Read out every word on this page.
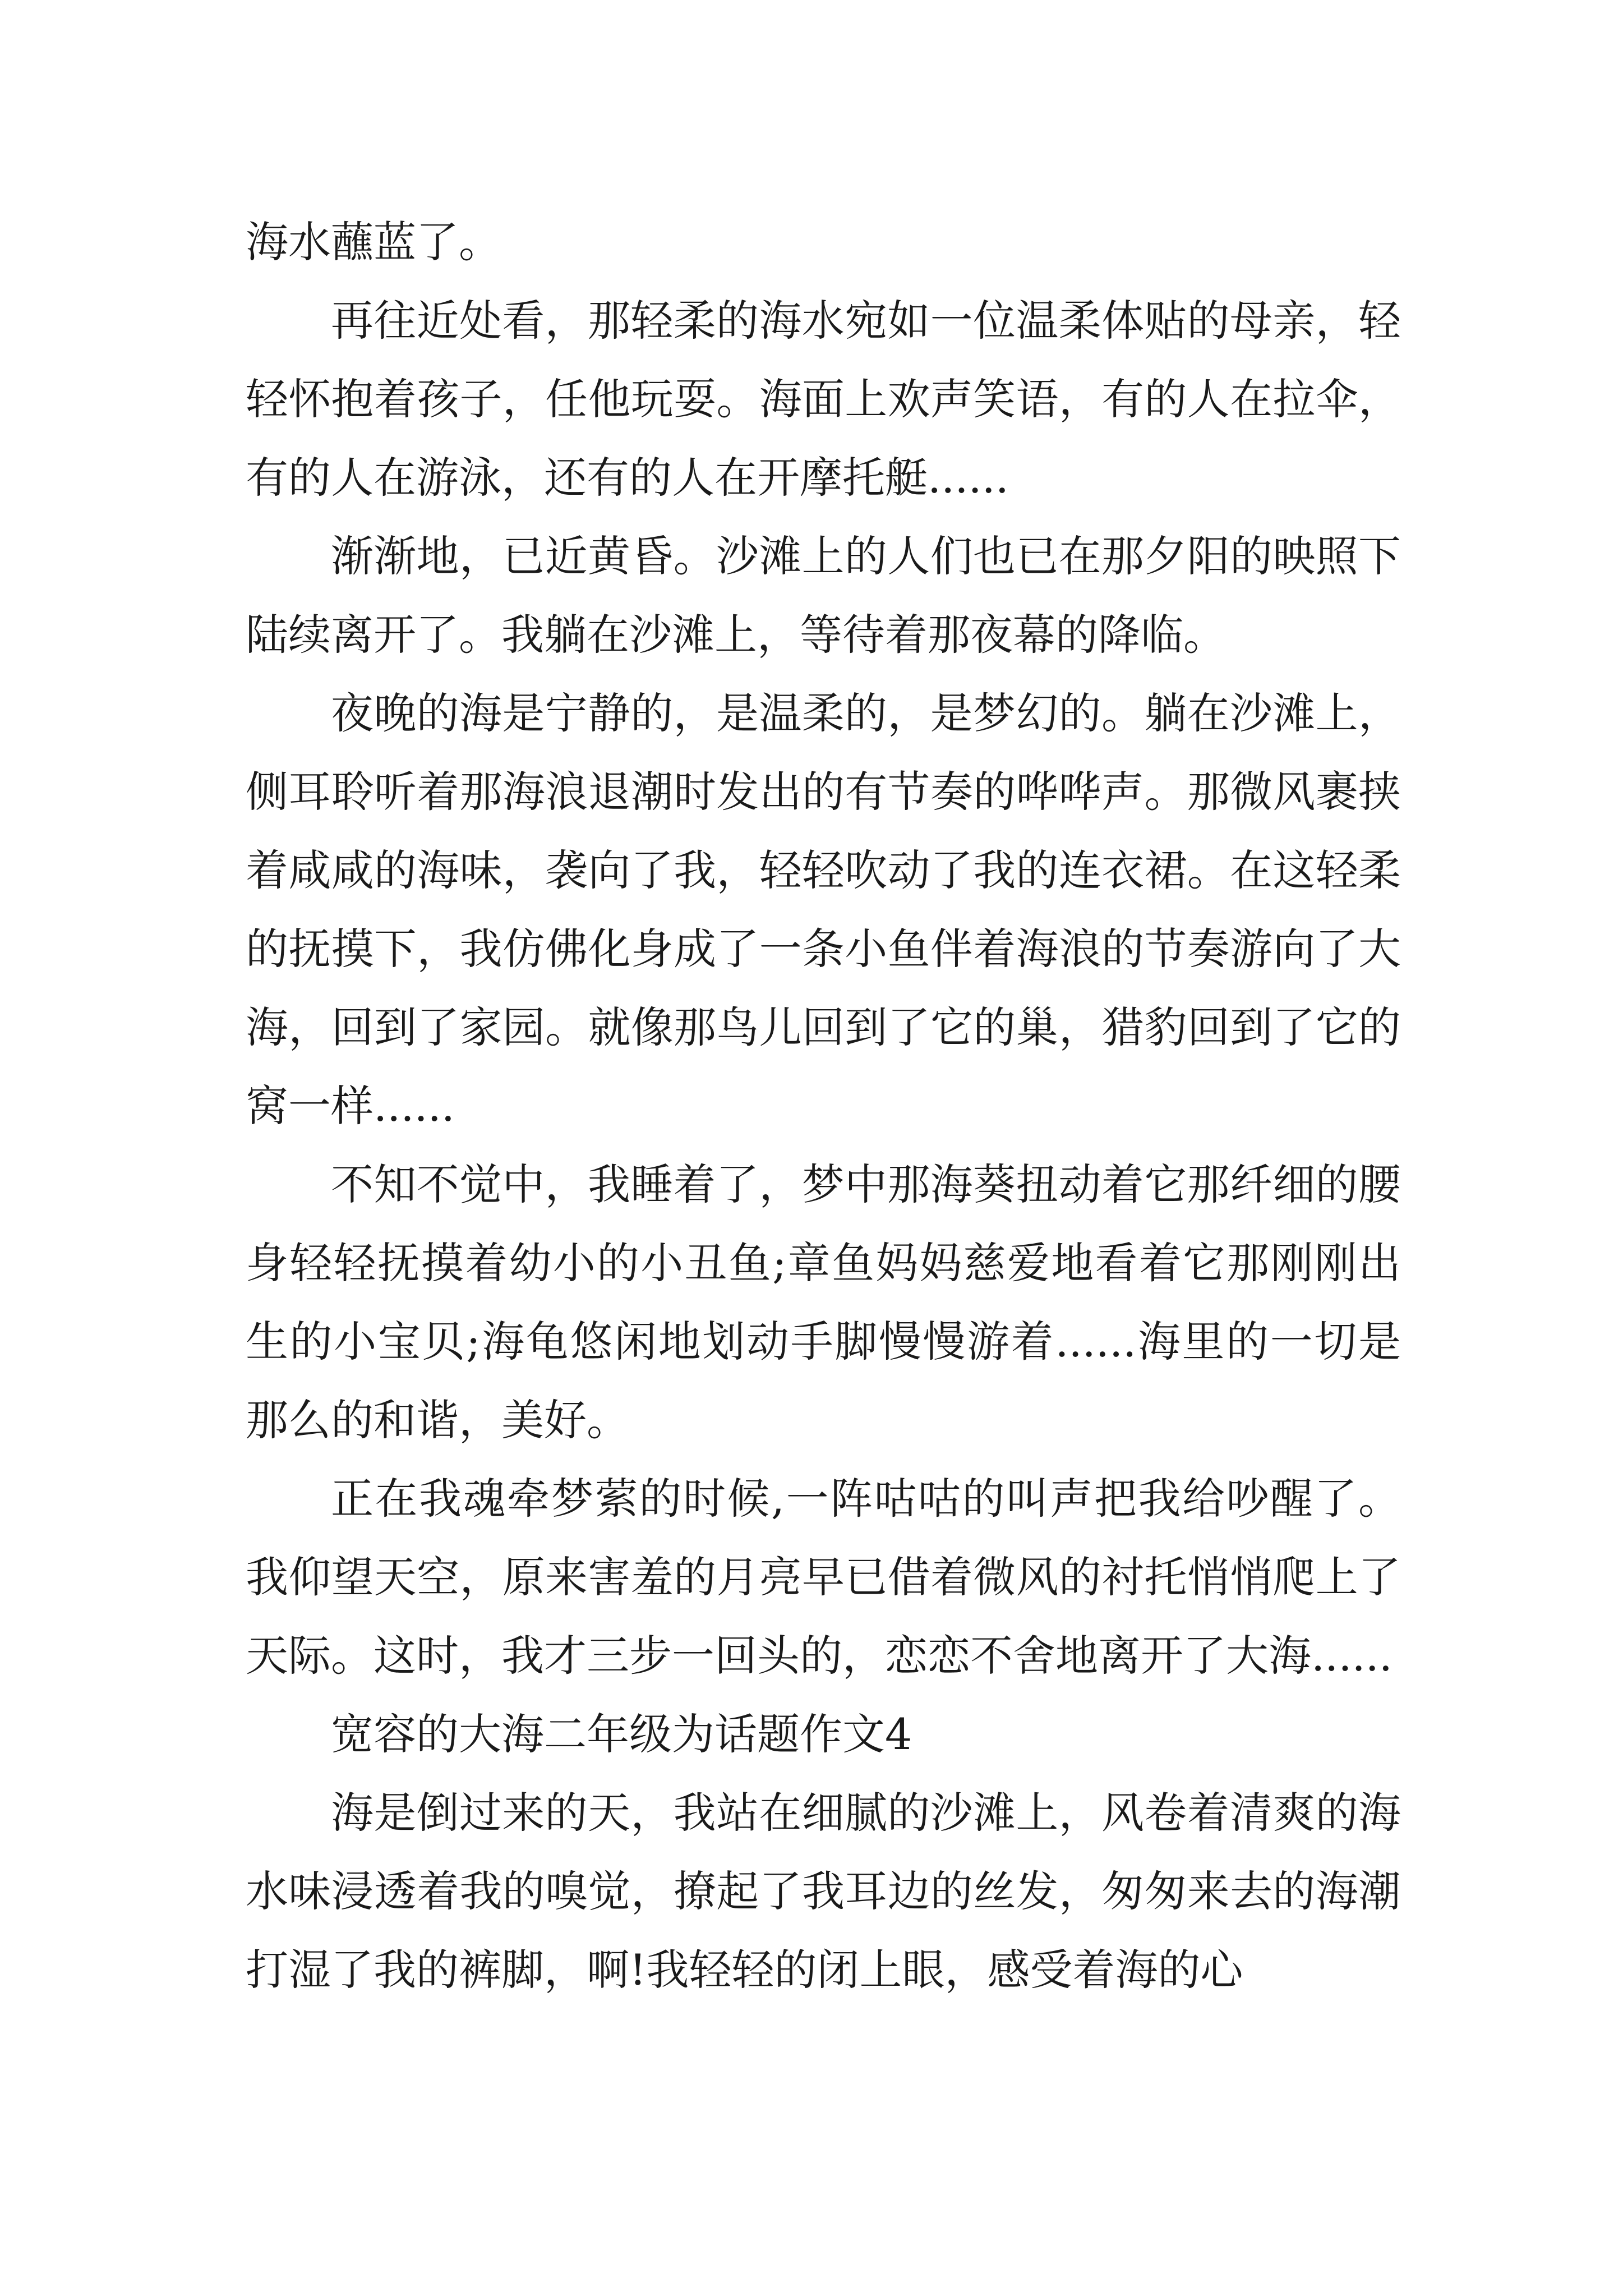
海水蘸蓝了。

再往近处看，那轻柔的海水宛如一位温柔体贴的母亲，轻轻怀抱着孩子，任他玩耍。海面上欢声笑语，有的人在拉伞，有的人在游泳，还有的人在开摩托艇......

渐渐地，已近黄昏。沙滩上的人们也已在那夕阳的映照下陆续离开了。我躺在沙滩上，等待着那夜幕的降临。

夜晚的海是宁静的，是温柔的，是梦幻的。躺在沙滩上，侧耳聆听着那海浪退潮时发出的有节奏的哗哗声。那微风裹挟着咸咸的海味，袭向了我，轻轻吹动了我的连衣裙。在这轻柔的抚摸下，我仿佛化身成了一条小鱼伴着海浪的节奏游向了大海，回到了家园。就像那鸟儿回到了它的巢，猎豹回到了它的窝一样......

不知不觉中，我睡着了，梦中那海葵扭动着它那纤细的腰身轻轻抚摸着幼小的小丑鱼;章鱼妈妈慈爱地看着它那刚刚出生的小宝贝;海龟悠闲地划动手脚慢慢游着......海里的一切是那么的和谐，美好。

正在我魂牵梦萦的时候,一阵咕咕的叫声把我给吵醒了。我仰望天空，原来害羞的月亮早已借着微风的衬托悄悄爬上了天际。这时，我才三步一回头的，恋恋不舍地离开了大海......

宽容的大海二年级为话题作文4

海是倒过来的天，我站在细腻的沙滩上，风卷着清爽的海水味浸透着我的嗅觉，撩起了我耳边的丝发，匆匆来去的海潮打湿了我的裤脚，啊!我轻轻的闭上眼，感受着海的心
